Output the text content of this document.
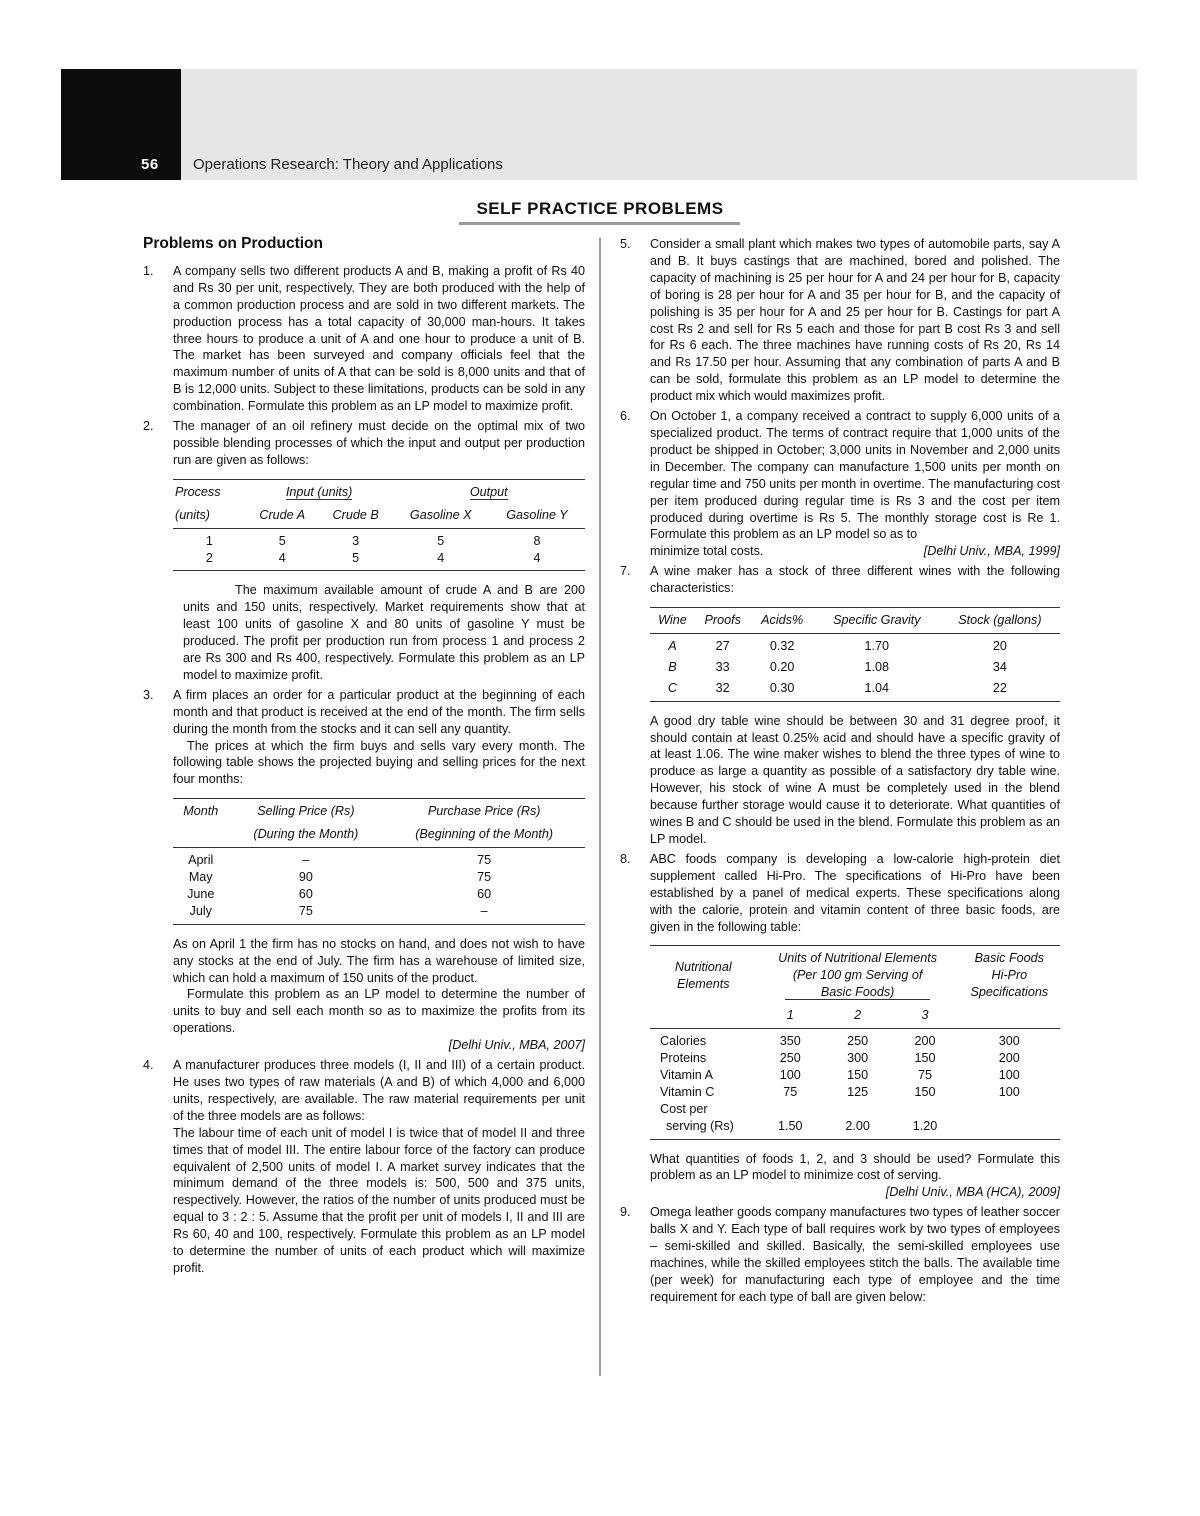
56 Operations Research: Theory and Applications
SELF PRACTICE PROBLEMS
Problems on Production
1.	A company sells two different products A and B, making a profit of Rs 40 and Rs 30 per unit, respectively. They are both produced with the help of a common production process and are sold in two different markets. The production process has a total capacity of 30,000 man-hours. It takes three hours to produce a unit of A and one hour to produce a unit of B. The market has been surveyed and company officials feel that the maximum number of units of A that can be sold is 8,000 units and that of B is 12,000 units. Subject to these limitations, products can be sold in any combination. Formulate this problem as an LP model to maximize profit.

2.	The manager of an oil refinery must decide on the optimal mix of two possible blending processes of which the input and output per production run are given as follows:

Process	Input (units)		Output	
(units)	Crude A	Crude B	Gasoline X	Gasoline Y
1	5	3	5	8
2	4	5	4	4

The maximum available amount of crude A and B are 200 units and 150 units, respectively. Market requirements show that at least 100 units of gasoline X and 80 units of gasoline Y must be produced. The profit per production run from process 1 and process 2 are Rs 300 and Rs 400, respectively. Formulate this problem as an LP model to maximize profit.

3.	A firm places an order for a particular product at the beginning of each month and that product is received at the end of the month. The firm sells during the month from the stocks and it can sell any quantity.

The prices at which the firm buys and sells vary every month. The following table shows the projected buying and selling prices for the next four months:

Month	Selling Price (Rs)	Purchase Price (Rs)
	(During the Month)	(Beginning of the Month)
April	–	75
May	90	75
June	60	60
July	75	–

As on April 1 the firm has no stocks on hand, and does not wish to have any stocks at the end of July. The firm has a warehouse of limited size, which can hold a maximum of 150 units of the product.

Formulate this problem as an LP model to determine the number of units to buy and sell each month so as to maximize the profits from its operations.

[Delhi Univ., MBA, 2007]

4.	A manufacturer produces three models (I, II and III) of a certain product. He uses two types of raw materials (A and B) of which 4,000 and 6,000 units, respectively, are available. The raw material requirements per unit of the three models are as follows:

The labour time of each unit of model I is twice that of model II and three times that of model III. The entire labour force of the factory can produce equivalent of 2,500 units of model I. A market survey indicates that the minimum demand of the three models is: 500, 500 and 375 units, respectively. However, the ratios of the number of units produced must be equal to 3 : 2 : 5. Assume that the profit per unit of models I, II and III are Rs 60, 40 and 100, respectively. Formulate this problem as an LP model to determine the number of units of each product which will maximize profit.

5.	Consider a small plant which makes two types of automobile parts, say A and B. It buys castings that are machined, bored and polished. The capacity of machining is 25 per hour for A and 24 per hour for B, capacity of boring is 28 per hour for A and 35 per hour for B, and the capacity of polishing is 35 per hour for A and 25 per hour for B. Castings for part A cost Rs 2 and sell for Rs 5 each and those for part B cost Rs 3 and sell for Rs 6 each. The three machines have running costs of Rs 20, Rs 14 and Rs 17.50 per hour. Assuming that any combination of parts A and B can be sold, formulate this problem as an LP model to determine the product mix which would maximizes profit.

6.	On October 1, a company received a contract to supply 6,000 units of a specialized product. The terms of contract require that 1,000 units of the product be shipped in October; 3,000 units in November and 2,000 units in December. The company can manufacture 1,500 units per month on regular time and 750 units per month in overtime. The manufacturing cost per item produced during regular time is Rs 3 and the cost per item produced during overtime is Rs 5. The monthly storage cost is Re 1. Formulate this problem as an LP model so as to

minimize total costs.	[Delhi Univ., MBA, 1999]
7.	A wine maker has a stock of three different wines with the following characteristics:

Wine	Proofs	Acids%	Specific Gravity	Stock (gallons)
A	27	0.32	1.70	20
B	33	0.20	1.08	34
C	32	0.30	1.04	22

A good dry table wine should be between 30 and 31 degree proof, it should contain at least 0.25% acid and should have a specific gravity of at least 1.06. The wine maker wishes to blend the three types of wine to produce as large a quantity as possible of a satisfactory dry table wine. However, his stock of wine A must be completely used in the blend because further storage would cause it to deteriorate. What quantities of wines B and C should be used in the blend. Formulate this problem as an LP model.

8.	ABC foods company is developing a low-calorie high-protein diet supplement called Hi-Pro. The specifications of Hi-Pro have been established by a panel of medical experts. These specifications along with the calorie, protein and vitamin content of three basic foods, are given in the following table:

Nutritional
Elements	Units of Nutritional Elements
(Per 100 gm Serving of
Basic Foods)			Basic Foods
Hi-Pro
Specifications
	1	2	3	
Calories	350	250	200	300
Proteins	250	300	150	200
Vitamin A	100	150	75	100
Vitamin C	75	125	150	100
Cost per				
serving (Rs)	1.50	2.00	1.20	

What quantities of foods 1, 2, and 3 should be used? Formulate this problem as an LP model to minimize cost of serving.

[Delhi Univ., MBA (HCA), 2009]

9.	Omega leather goods company manufactures two types of leather soccer balls X and Y. Each type of ball requires work by two types of employees – semi-skilled and skilled. Basically, the semi-skilled employees use machines, while the skilled employees stitch the balls. The available time (per week) for manufacturing each type of employee and the time requirement for each type of ball are given below:
